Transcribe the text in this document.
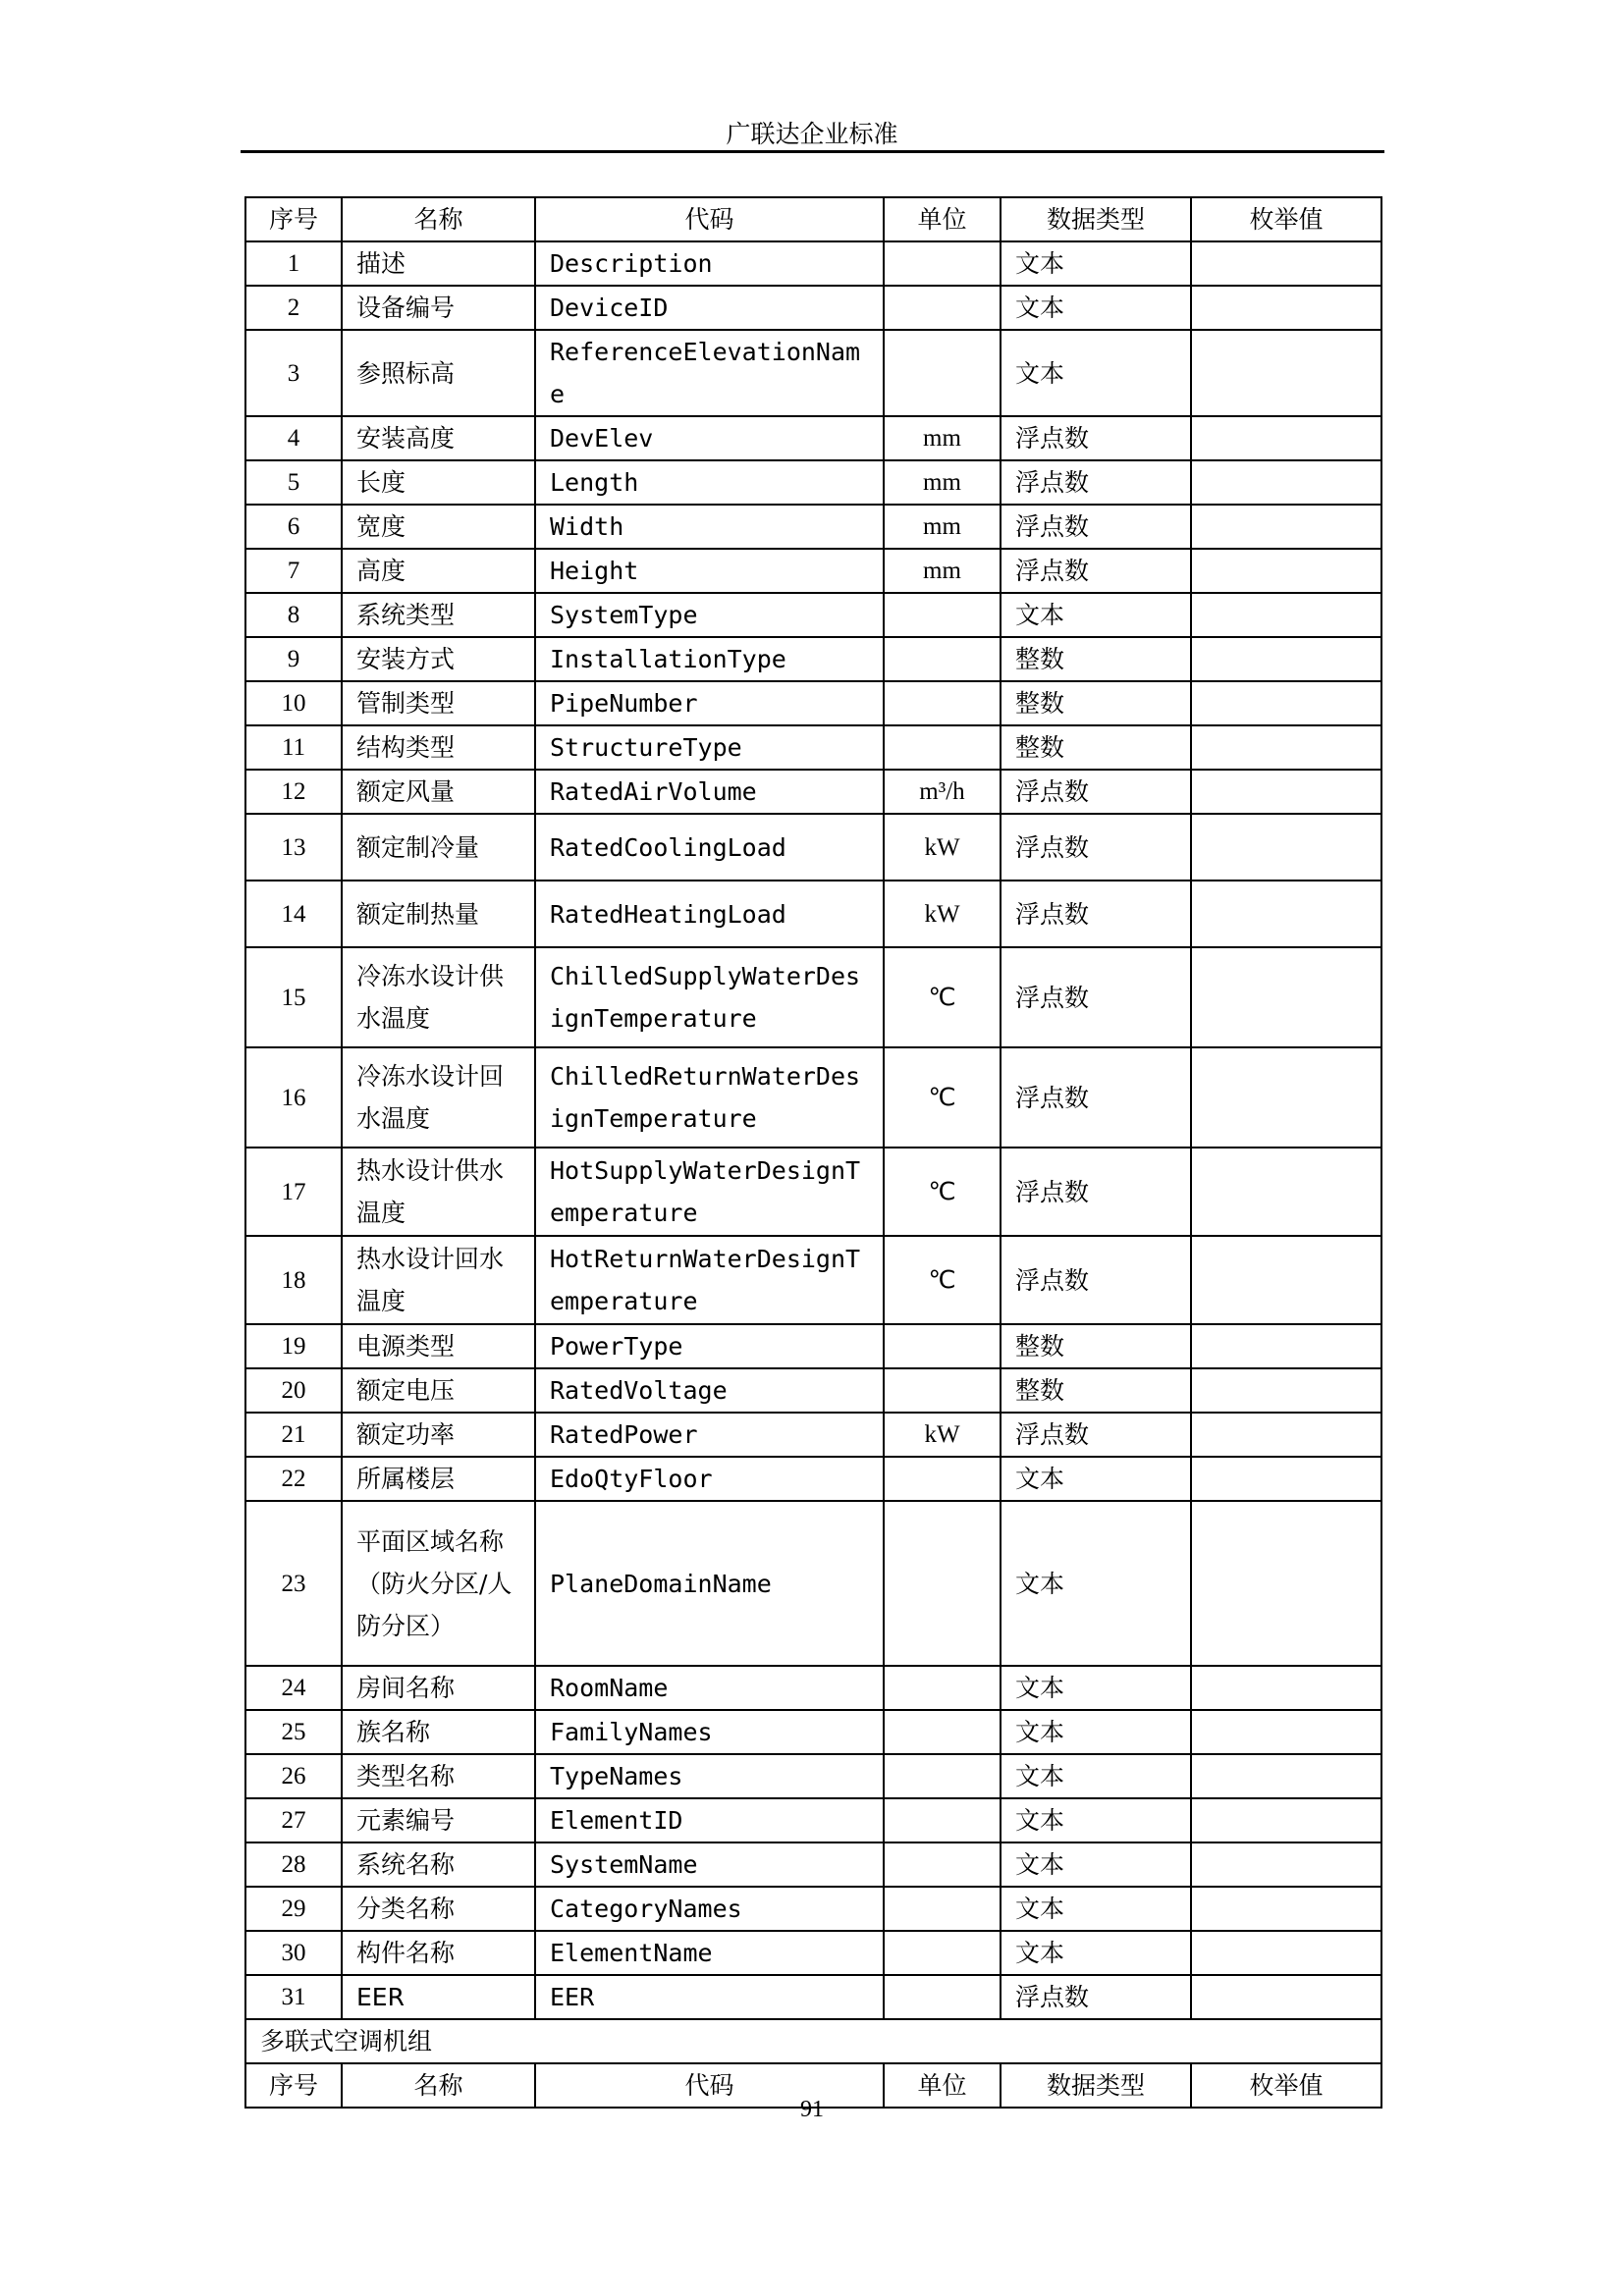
广联达企业标准
序号	名称	代码	单位	数据类型	枚举值
1	描述	Description		文本	
2	设备编号	DeviceID		文本	
3	参照标高	ReferenceElevationName		文本	
4	安装高度	DevElev	mm	浮点数	
5	长度	Length	mm	浮点数	
6	宽度	Width	mm	浮点数	
7	高度	Height	mm	浮点数	
8	系统类型	SystemType		文本	
9	安装方式	InstallationType		整数	
10	管制类型	PipeNumber		整数	
11	结构类型	StructureType		整数	
12	额定风量	RatedAirVolume	m³/h	浮点数	
13	额定制冷量	RatedCoolingLoad	kW	浮点数	
14	额定制热量	RatedHeatingLoad	kW	浮点数	
15	冷冻水设计供水温度	ChilledSupplyWaterDesignTemperature	℃	浮点数	
16	冷冻水设计回水温度	ChilledReturnWaterDesignTemperature	℃	浮点数	
17	热水设计供水温度	HotSupplyWaterDesignTemperature	℃	浮点数	
18	热水设计回水温度	HotReturnWaterDesignTemperature	℃	浮点数	
19	电源类型	PowerType		整数	
20	额定电压	RatedVoltage		整数	
21	额定功率	RatedPower	kW	浮点数	
22	所属楼层	EdoQtyFloor		文本	
23	平面区域名称（防火分区/人防分区）	PlaneDomainName		文本	
24	房间名称	RoomName		文本	
25	族名称	FamilyNames		文本	
26	类型名称	TypeNames		文本	
27	元素编号	ElementID		文本	
28	系统名称	SystemName		文本	
29	分类名称	CategoryNames		文本	
30	构件名称	ElementName		文本	
31	EER	EER		浮点数	
多联式空调机组					
序号	名称	代码	单位	数据类型	枚举值
91
